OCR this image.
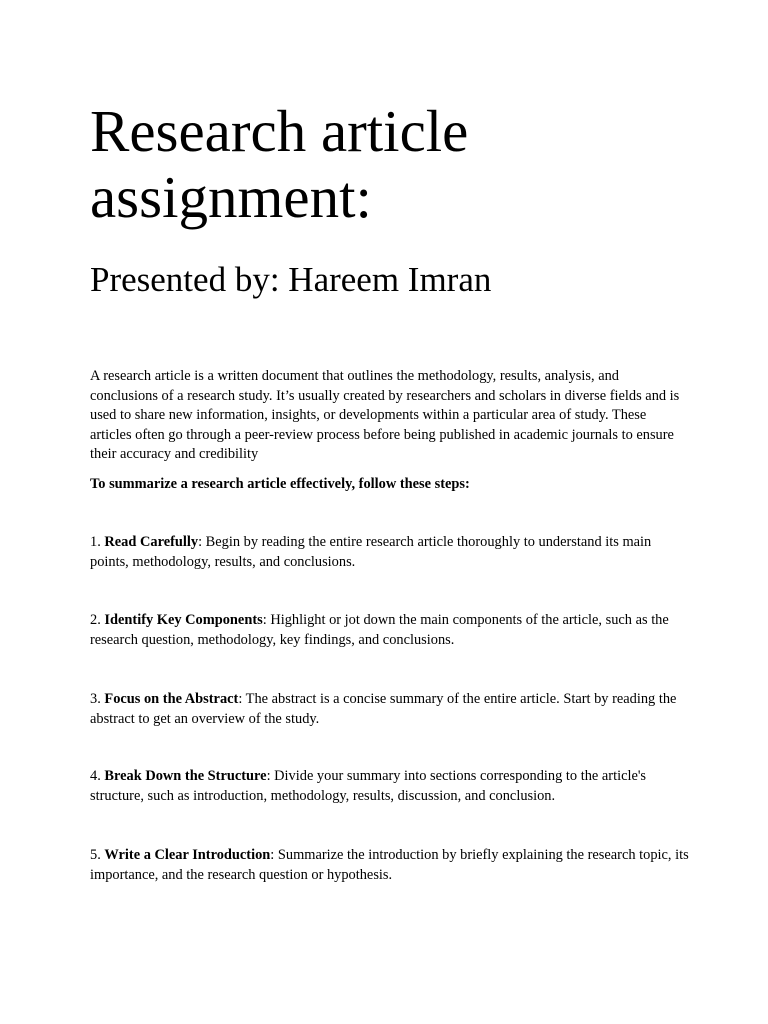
Research article assignment:
Presented by: Hareem Imran

A research article is a written document that outlines the methodology, results, analysis, and conclusions of a research study. It’s usually created by researchers and scholars in diverse fields and is used to share new information, insights, or developments within a particular area of study. These articles often go through a peer-review process before being published in academic journals to ensure their accuracy and credibility

To summarize a research article effectively, follow these steps:

1. Read Carefully: Begin by reading the entire research article thoroughly to understand its main points, methodology, results, and conclusions.

2. Identify Key Components: Highlight or jot down the main components of the article, such as the research question, methodology, key findings, and conclusions.

3. Focus on the Abstract: The abstract is a concise summary of the entire article. Start by reading the abstract to get an overview of the study.

4. Break Down the Structure: Divide your summary into sections corresponding to the article's structure, such as introduction, methodology, results, discussion, and conclusion.

5. Write a Clear Introduction: Summarize the introduction by briefly explaining the research topic, its importance, and the research question or hypothesis.
